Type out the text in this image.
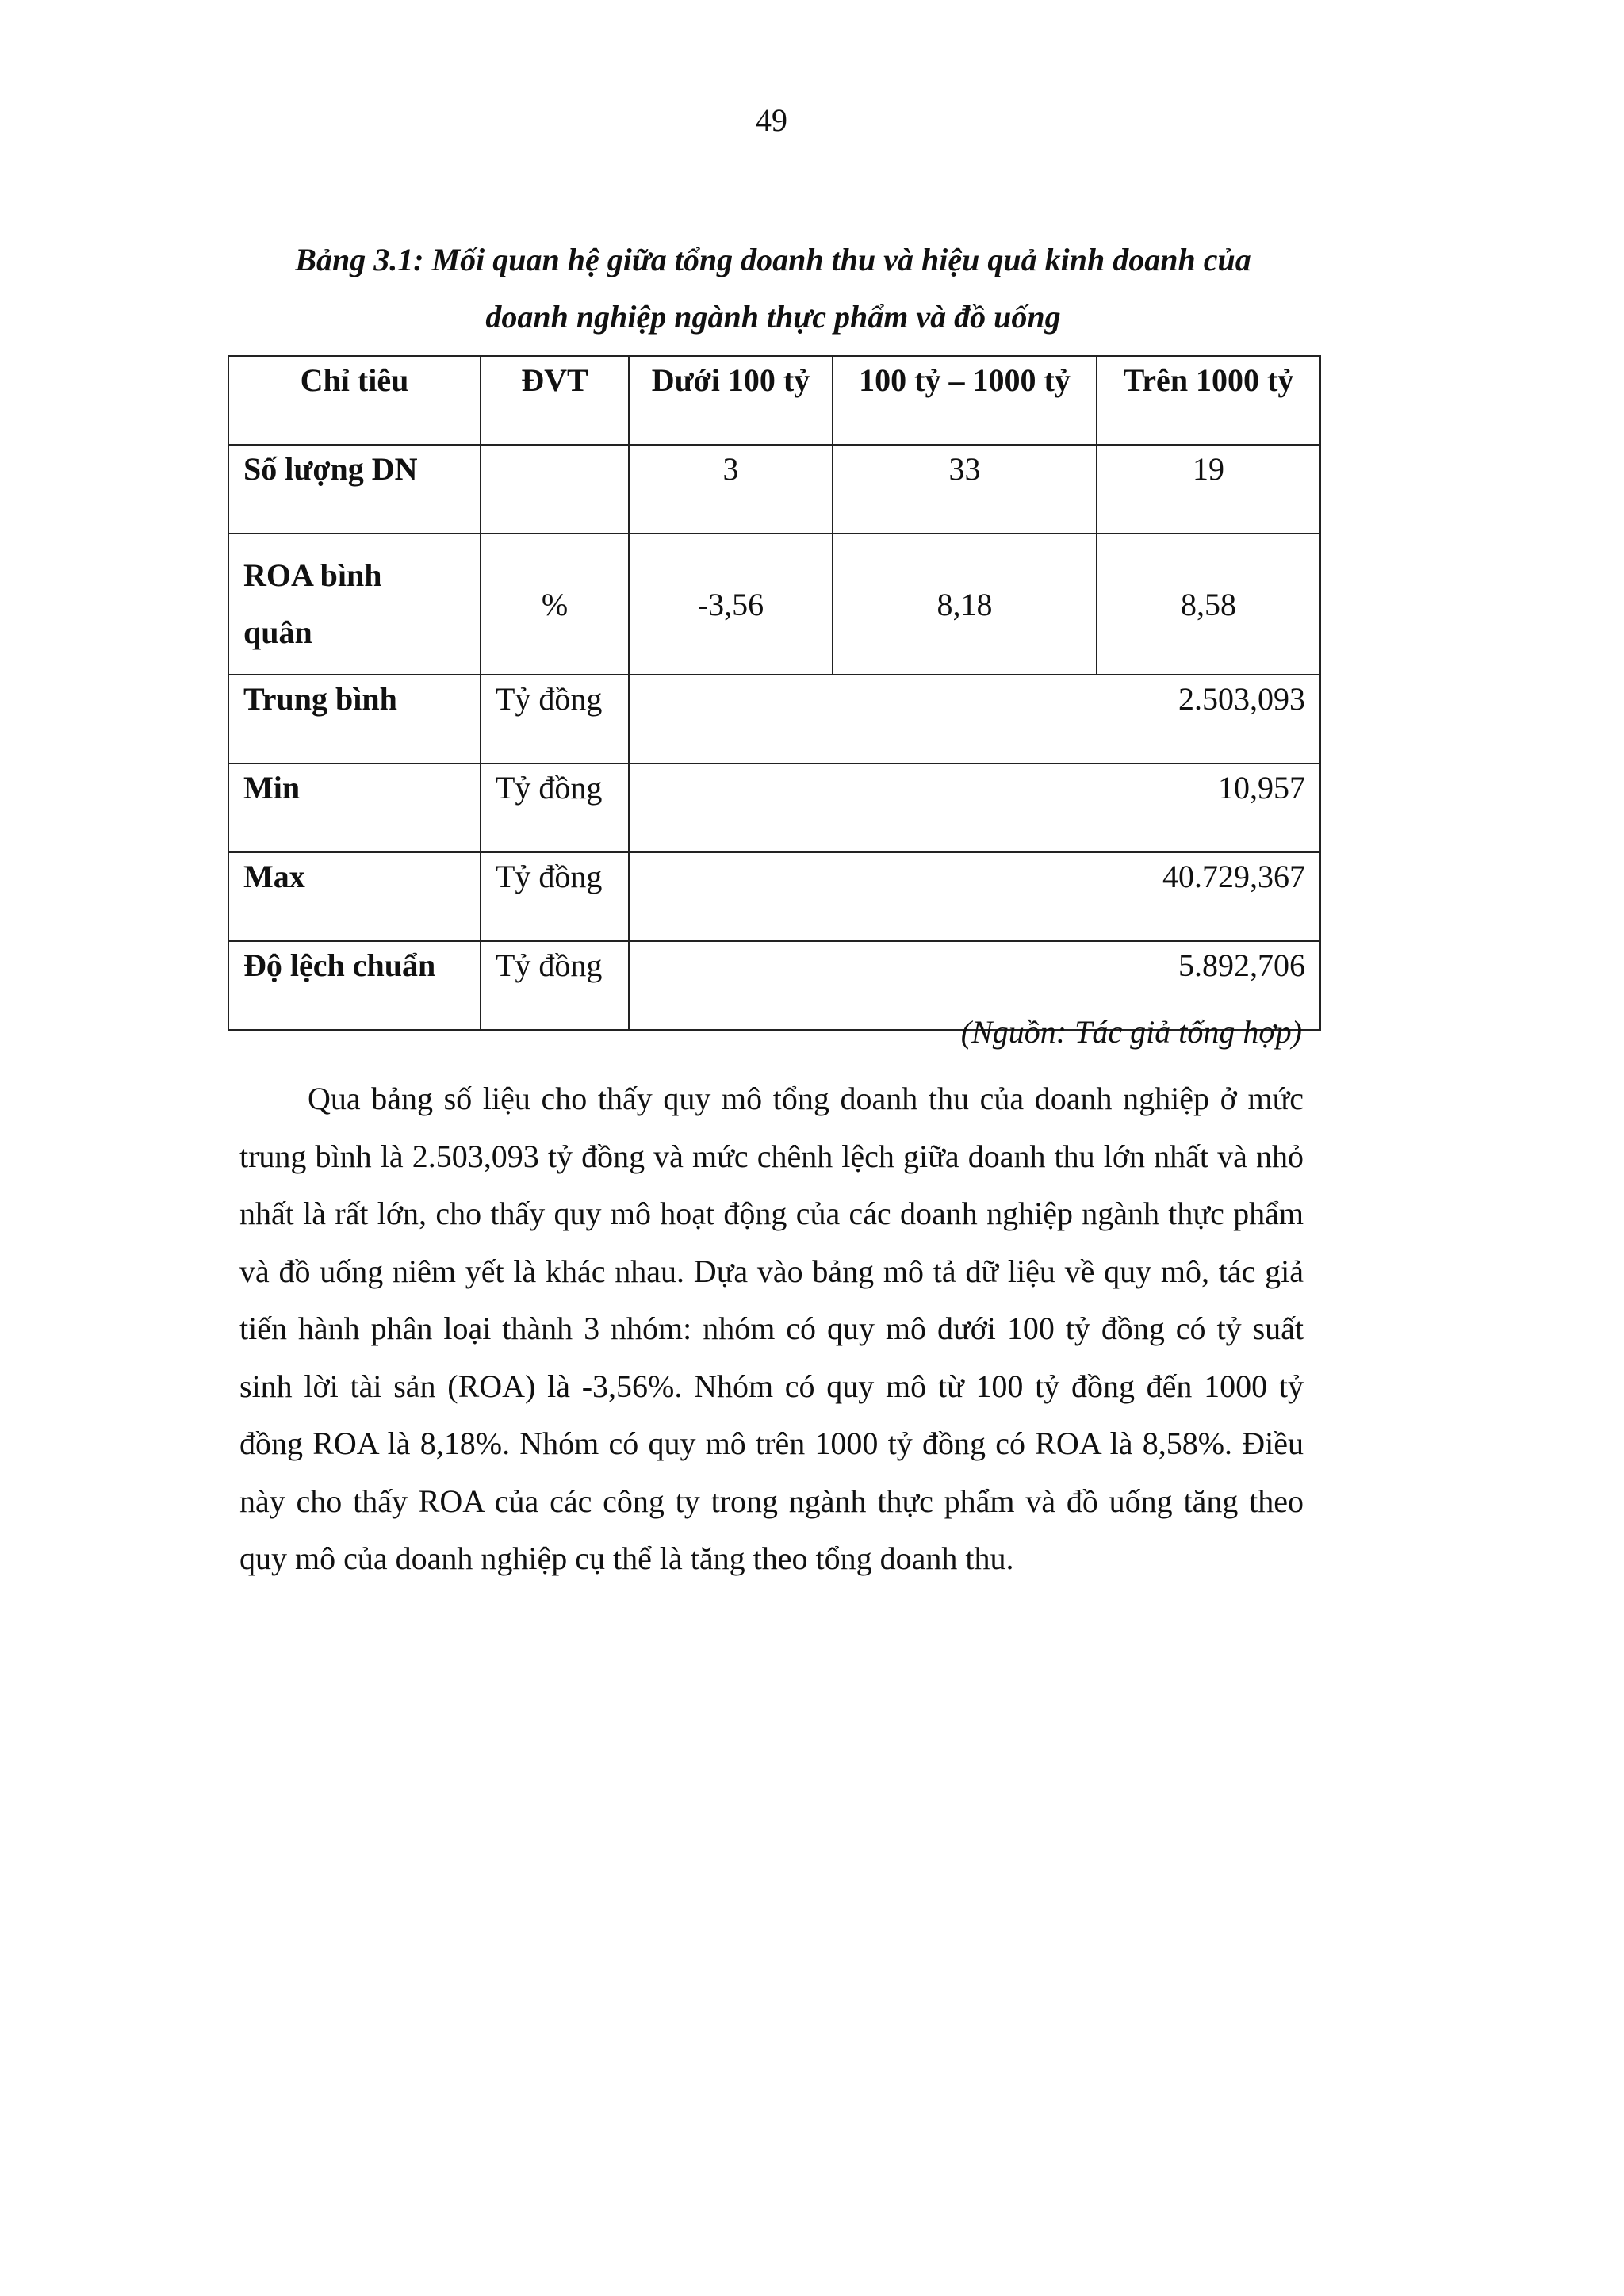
49
Bảng 3.1: Mối quan hệ giữa tổng doanh thu và hiệu quả kinh doanh của
doanh nghiệp ngành thực phẩm và đồ uống
Chỉ tiêu	ĐVT	Dưới 100 tỷ	100 tỷ – 1000 tỷ	Trên 1000 tỷ
Số lượng DN		3	33	19

ROA bình
quân	%	-3,56	8,18	8,58
Trung bình	Tỷ đồng	2.503,093		
Min	Tỷ đồng	10,957		
Max	Tỷ đồng	40.729,367		
Độ lệch chuẩn	Tỷ đồng	5.892,706		
(Nguồn: Tác giả tổng hợp)

Qua bảng số liệu cho thấy quy mô tổng doanh thu của doanh nghiệp ở mức trung bình là 2.503,093 tỷ đồng và mức chênh lệch giữa doanh thu lớn nhất và nhỏ nhất là rất lớn, cho thấy quy mô hoạt động của các doanh nghiệp ngành thực phẩm và đồ uống niêm yết là khác nhau. Dựa vào bảng mô tả dữ liệu về quy mô, tác giả tiến hành phân loại thành 3 nhóm: nhóm có quy mô dưới 100 tỷ đồng có tỷ suất sinh lời tài sản (ROA) là -3,56%. Nhóm có quy mô từ 100 tỷ đồng đến 1000 tỷ đồng ROA là 8,18%. Nhóm có quy mô trên 1000 tỷ đồng có ROA là 8,58%. Điều này cho thấy ROA của các công ty trong ngành thực phẩm và đồ uống tăng theo quy mô của doanh nghiệp cụ thể là tăng theo tổng doanh thu.
